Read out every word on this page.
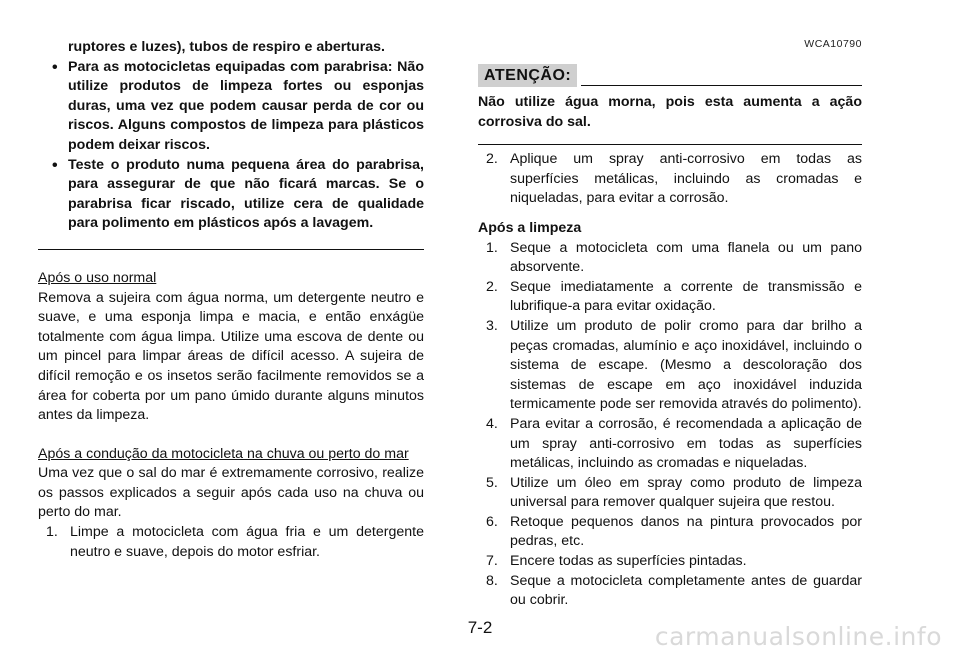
ruptores e luzes), tubos de respiro e aberturas.

• Para as motocicletas equipadas com parabrisa: Não utilize produtos de limpeza fortes ou esponjas duras, uma vez que podem causar perda de cor ou riscos. Alguns compostos de limpeza para plásticos podem deixar riscos.

• Teste o produto numa pequena área do parabrisa, para assegurar de que não ficará marcas. Se o parabrisa ficar riscado, utilize cera de qualidade para polimento em plásticos após a lavagem.

Após o uso normal

Remova a sujeira com água norma, um detergente neutro e suave, e uma esponja limpa e macia, e então enxágüe totalmente com água limpa. Utilize uma escova de dente ou um pincel para limpar áreas de difícil acesso. A sujeira de difícil remoção e os insetos serão facilmente removidos se a área for coberta por um pano úmido durante alguns minutos antes da limpeza.

Após a condução da motocicleta na chuva ou perto do mar

Uma vez que o sal do mar é extremamente corrosivo, realize os passos explicados a seguir após cada uso na chuva ou perto do mar.

1. Limpe a motocicleta com água fria e um detergente neutro e suave, depois do motor esfriar.
WCA10790
ATENÇÃO:

Não utilize água morna, pois esta aumenta a ação corrosiva do sal.

2. Aplique um spray anti-corrosivo em todas as superfícies metálicas, incluindo as cromadas e niqueladas, para evitar a corrosão.

Após a limpeza

1. Seque a motocicleta com uma flanela ou um pano absorvente.
2. Seque imediatamente a corrente de transmissão e lubrifique-a para evitar oxidação.
3. Utilize um produto de polir cromo para dar brilho a peças cromadas, alumínio e aço inoxidável, incluindo o sistema de escape. (Mesmo a descoloração dos sistemas de escape em aço inoxidável induzida termicamente pode ser removida através do polimento).
4. Para evitar a corrosão, é recomendada a aplicação de um spray anti-corrosivo em todas as superfícies metálicas, incluindo as cromadas e niqueladas.
5. Utilize um óleo em spray como produto de limpeza universal para remover qualquer sujeira que restou.
6. Retoque pequenos danos na pintura provocados por pedras, etc.
7. Encere todas as superfícies pintadas.
8. Seque a motocicleta completamente antes de guardar ou cobrir.
7-2	carmanualsonline.info
